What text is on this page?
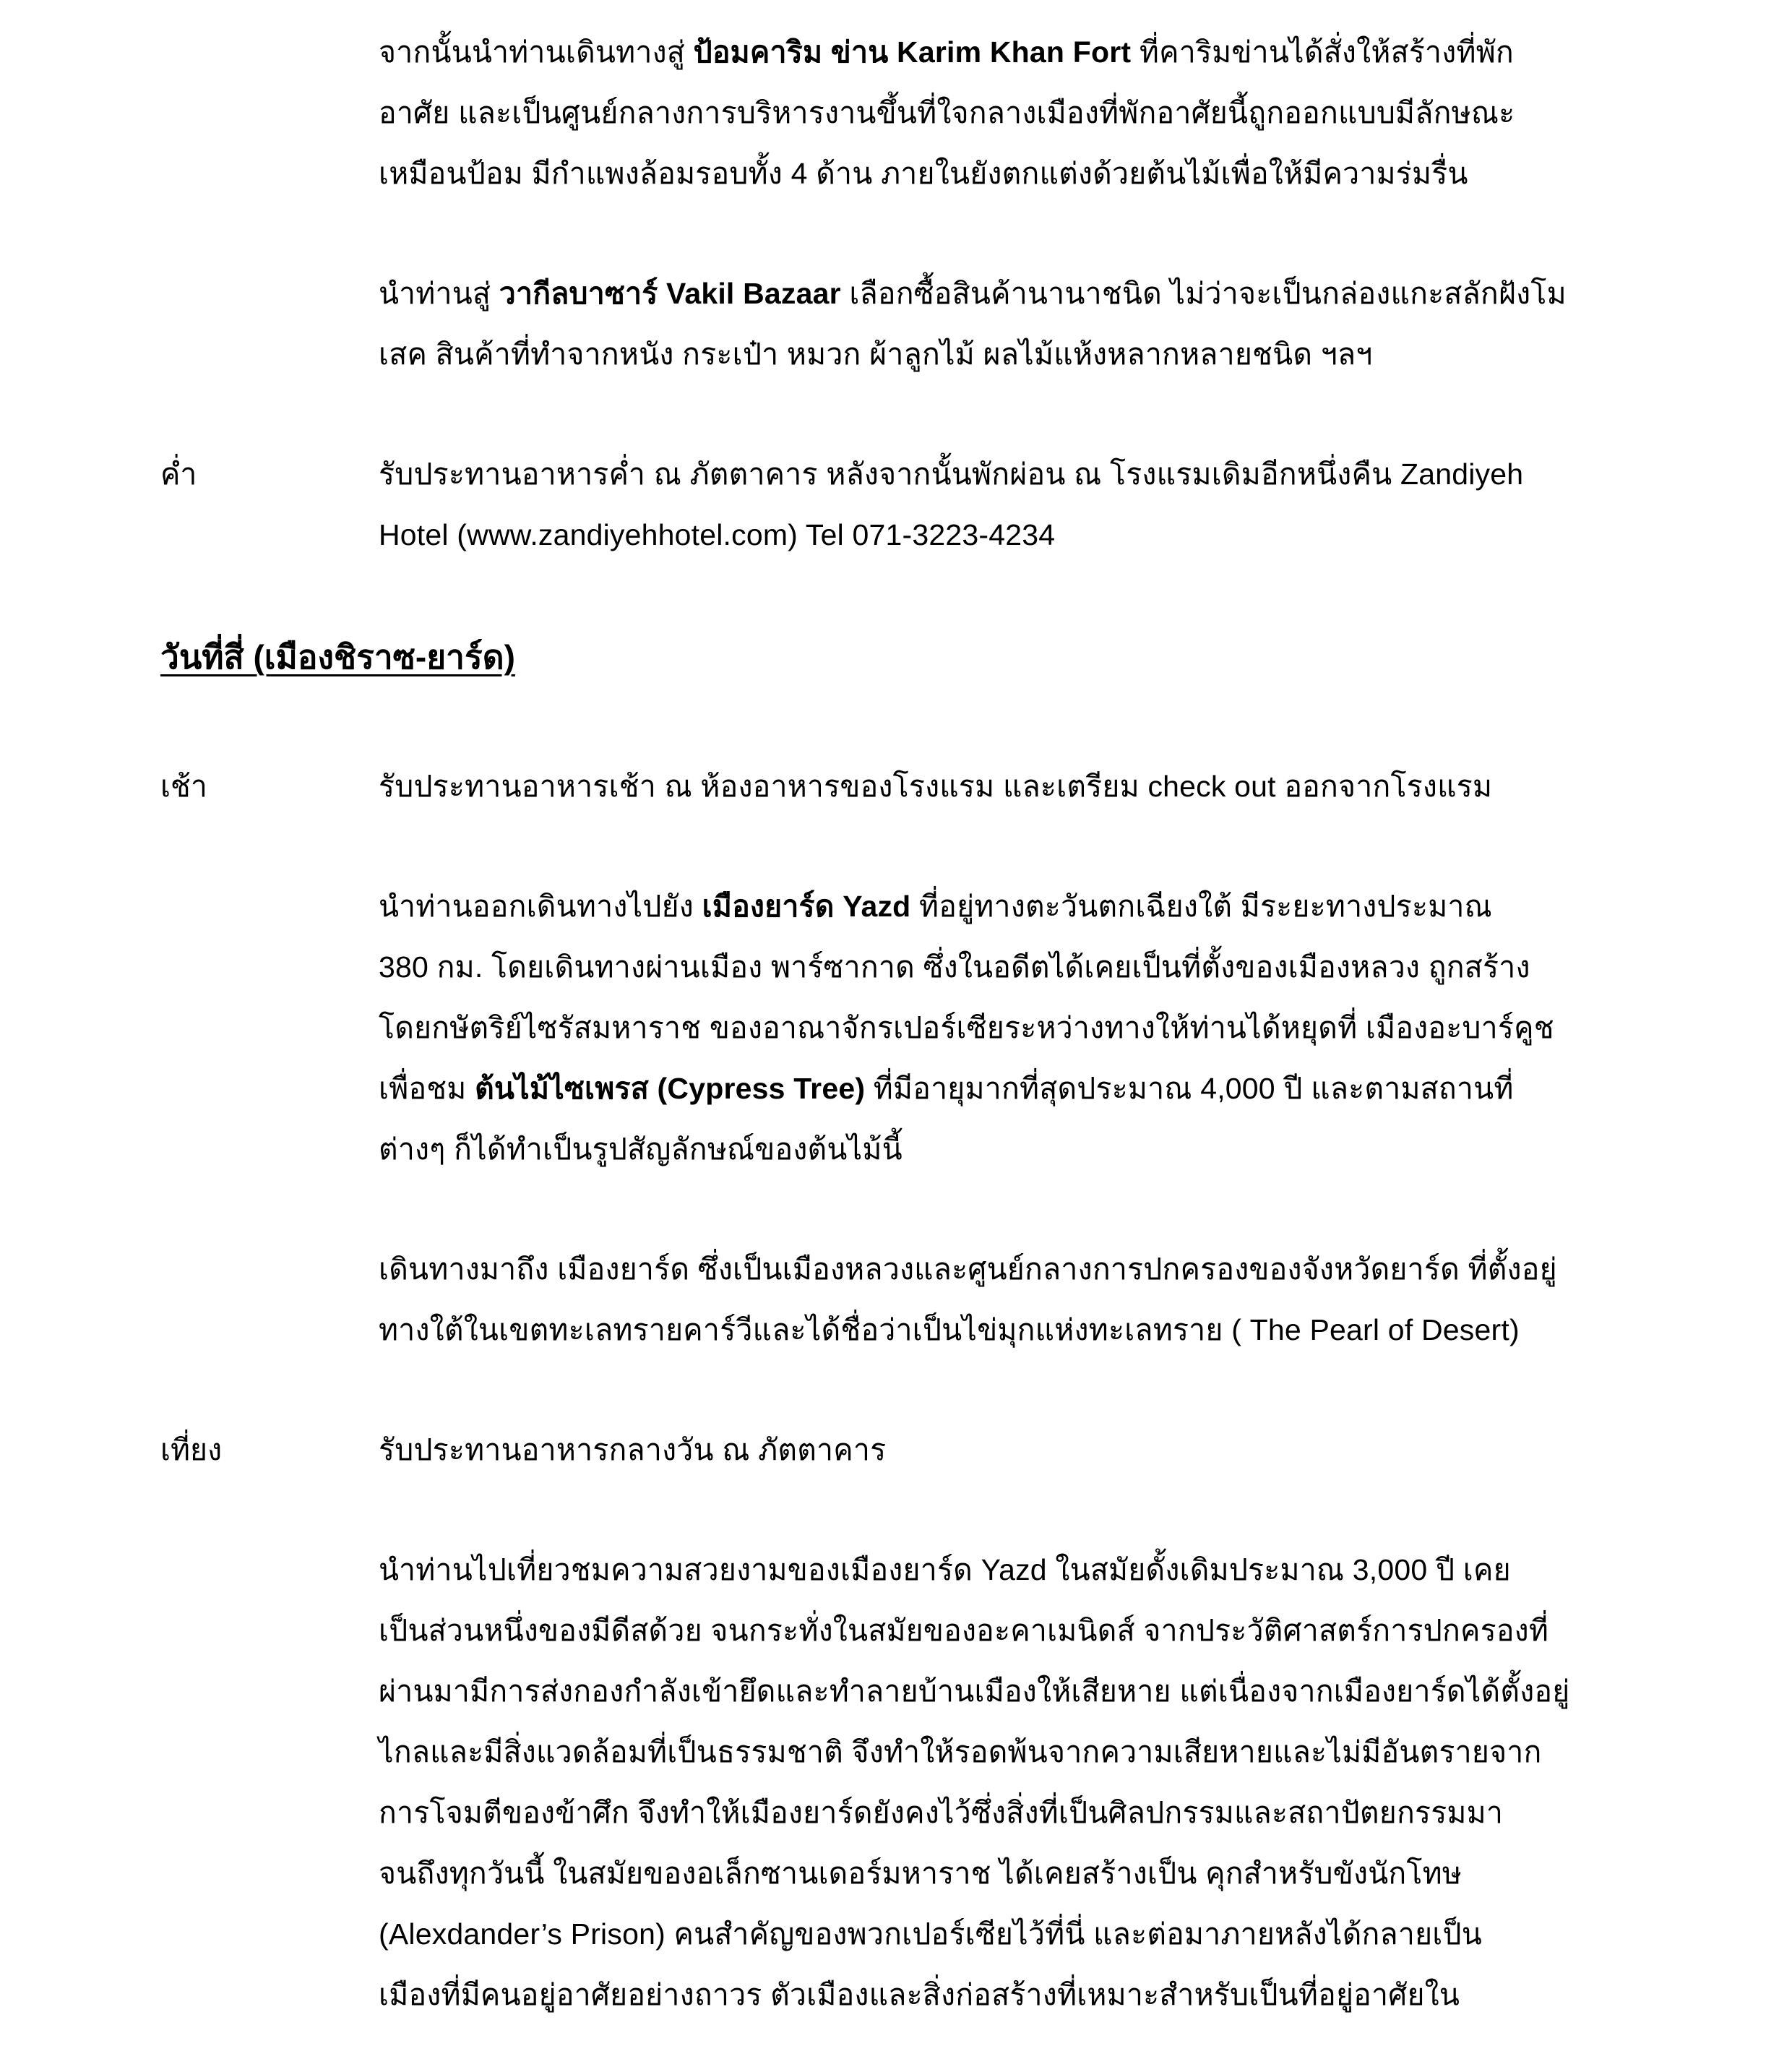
จากนั้นนำท่านเดินทางสู่ ป้อมคาริม ข่าน Karim Khan Fort ที่คาริมข่านได้สั่งให้สร้างที่พัก
อาศัย และเป็นศูนย์กลางการบริหารงานขึ้นที่ใจกลางเมืองที่พักอาศัยนี้ถูกออกแบบมีลักษณะ
เหมือนป้อม มีกำแพงล้อมรอบทั้ง 4 ด้าน ภายในยังตกแต่งด้วยต้นไม้เพื่อให้มีความร่มรื่น
นำท่านสู่ วากีลบาซาร์ Vakil Bazaar เลือกซื้อสินค้านานาชนิด ไม่ว่าจะเป็นกล่องแกะสลักฝังโม
เสค สินค้าที่ทำจากหนัง กระเป๋า หมวก ผ้าลูกไม้ ผลไม้แห้งหลากหลายชนิด ฯลฯ
ค่ำ	รับประทานอาหารค่ำ ณ ภัตตาคาร หลังจากนั้นพักผ่อน ณ โรงแรมเดิมอีกหนึ่งคืน Zandiyeh
Hotel (www.zandiyehhotel.com) Tel 071-3223-4234
วันที่สี่ (เมืองชิราซ-ยาร์ด)
เช้า	รับประทานอาหารเช้า ณ ห้องอาหารของโรงแรม และเตรียม check out ออกจากโรงแรม
นำท่านออกเดินทางไปยัง เมืองยาร์ด Yazd ที่อยู่ทางตะวันตกเฉียงใต้ มีระยะทางประมาณ
380 กม. โดยเดินทางผ่านเมือง พาร์ซากาด ซึ่งในอดีตได้เคยเป็นที่ตั้งของเมืองหลวง ถูกสร้าง
โดยกษัตริย์ไซรัสมหาราช ของอาณาจักรเปอร์เซียระหว่างทางให้ท่านได้หยุดที่ เมืองอะบาร์คูช
เพื่อชม ต้นไม้ไซเพรส (Cypress Tree) ที่มีอายุมากที่สุดประมาณ 4,000 ปี และตามสถานที่
ต่างๆ ก็ได้ทำเป็นรูปสัญลักษณ์ของต้นไม้นี้
เดินทางมาถึง เมืองยาร์ด ซึ่งเป็นเมืองหลวงและศูนย์กลางการปกครองของจังหวัดยาร์ด ที่ตั้งอยู่
ทางใต้ในเขตทะเลทรายคาร์วีและได้ชื่อว่าเป็นไข่มุกแห่งทะเลทราย ( The Pearl of Desert)
เที่ยง	รับประทานอาหารกลางวัน ณ ภัตตาคาร
นำท่านไปเที่ยวชมความสวยงามของเมืองยาร์ด Yazd ในสมัยดั้งเดิมประมาณ 3,000 ปี เคย
เป็นส่วนหนึ่งของมีดีสด้วย จนกระทั่งในสมัยของอะคาเมนิดส์ จากประวัติศาสตร์การปกครองที่
ผ่านมามีการส่งกองกำลังเข้ายึดและทำลายบ้านเมืองให้เสียหาย แต่เนื่องจากเมืองยาร์ดได้ตั้งอยู่
ไกลและมีสิ่งแวดล้อมที่เป็นธรรมชาติ จึงทำให้รอดพ้นจากความเสียหายและไม่มีอันตรายจาก
การโจมตีของข้าศึก จึงทำให้เมืองยาร์ดยังคงไว้ซึ่งสิ่งที่เป็นศิลปกรรมและสถาปัตยกรรมมา
จนถึงทุกวันนี้ ในสมัยของอเล็กซานเดอร์มหาราช ได้เคยสร้างเป็น คุกสำหรับขังนักโทษ
(Alexdander’s Prison) คนสำคัญของพวกเปอร์เซียไว้ที่นี่ และต่อมาภายหลังได้กลายเป็น
เมืองที่มีคนอยู่อาศัยอย่างถาวร ตัวเมืองและสิ่งก่อสร้างที่เหมาะสำหรับเป็นที่อยู่อาศัยใน
